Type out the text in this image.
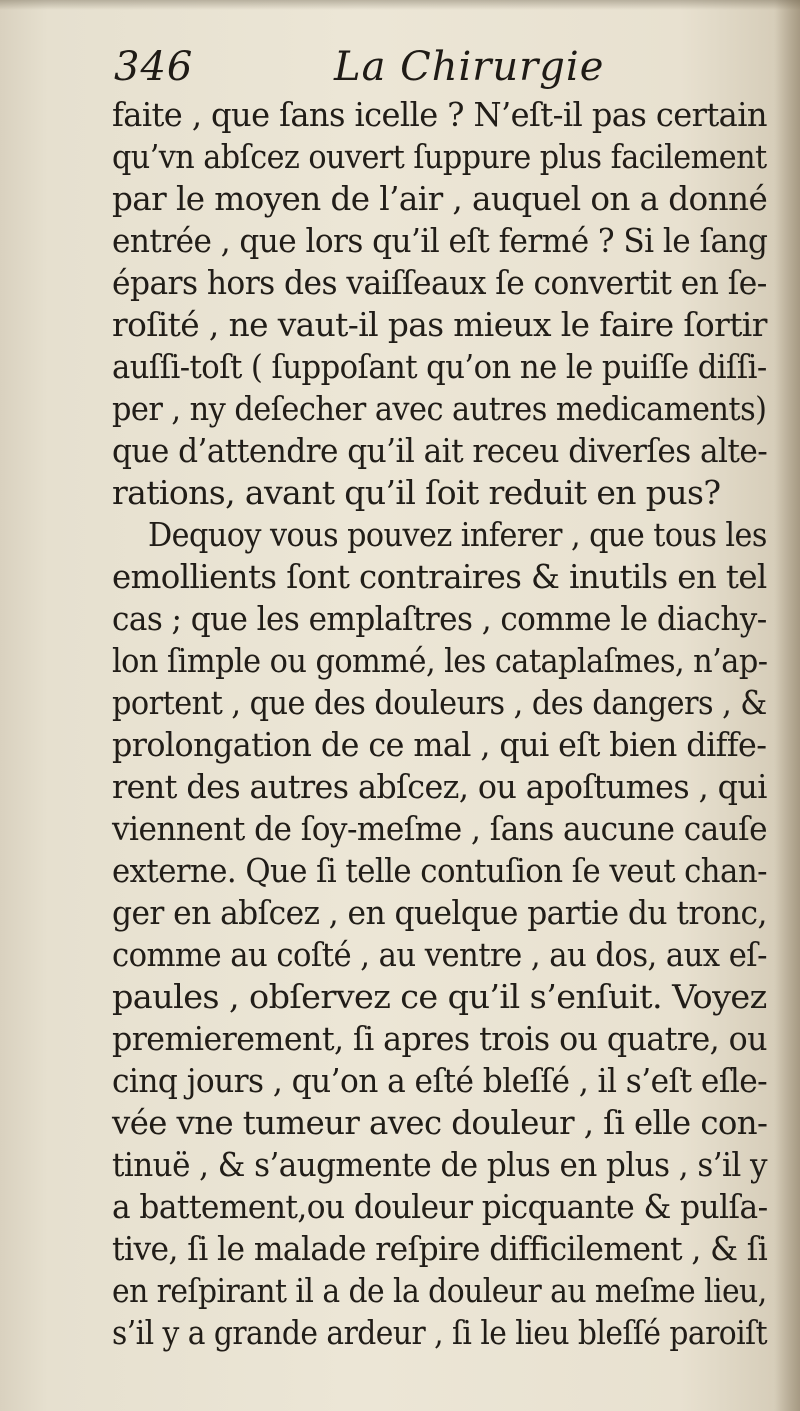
346	La Chirurgie
faite , que ſans icelle ? N’eſt-il pas certain
qu’vn abſcez ouvert ſuppure plus facilement
par le moyen de l’air , auquel on a donné
entrée , que lors qu’il eſt fermé ? Si le ſang
épars hors des vaiſſeaux ſe convertit en ſe-
roſité , ne vaut-il pas mieux le faire ſortir
auſſi-toſt ( ſuppoſant qu’on ne le puiſſe diſſi-
per , ny deſecher avec autres medicaments)
que d’attendre qu’il ait receu diverſes alte-
rations, avant qu’il ſoit reduit en pus?
Dequoy vous pouvez inferer , que tous les
emollients ſont contraires & inutils en tel
cas ; que les emplaſtres , comme le diachy-
lon ſimple ou gommé, les cataplaſmes, n’ap-
portent , que des douleurs , des dangers , &
prolongation de ce mal , qui eſt bien diffe-
rent des autres abſcez, ou apoſtumes , qui
viennent de ſoy-meſme , ſans aucune cauſe
externe. Que ſi telle contuſion ſe veut chan-
ger en abſcez , en quelque partie du tronc,
comme au coſté , au ventre , au dos, aux eſ-
paules , obſervez ce qu’il s’enſuit. Voyez
premierement, ſi apres trois ou quatre, ou
cinq jours , qu’on a eſté bleſſé , il s’eſt eſle-
vée vne tumeur avec douleur , ſi elle con-
tinuë , & s’augmente de plus en plus , s’il y
a battement,ou douleur picquante & pulſa-
tive, ſi le malade reſpire difficilement , & ſi
en reſpirant il a de la douleur au meſme lieu,
s’il y a grande ardeur , ſi le lieu bleſſé paroiſt
